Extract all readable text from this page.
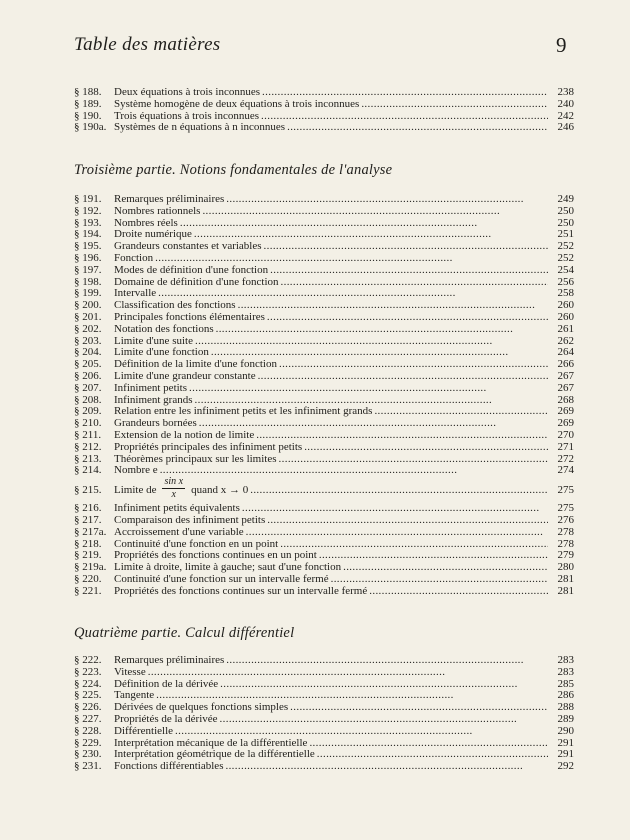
Table des matières	9
§ 188.	Deux équations à trois inconnues . . .	238
§ 189.	Système homogène de deux équations à trois inconnues . . .	240
§ 190.	Trois équations à trois inconnues . . .	242
§ 190a. Systèmes de n équations à n inconnues . . .	246
Troisième partie. Notions fondamentales de l'analyse
§ 191.	Remarques préliminaires . . .	249
§ 192.	Nombres rationnels . . .	250
§ 193.	Nombres réels . . .	250
§ 194.	Droite numérique . . .	251
§ 195.	Grandeurs constantes et variables . . .	252
§ 196.	Fonction . . .	252
§ 197.	Modes de définition d'une fonction . . .	254
§ 198.	Domaine de définition d'une fonction . . .	256
§ 199.	Intervalle . . .	258
§ 200.	Classification des fonctions . . .	260
§ 201.	Principales fonctions élémentaires . . .	260
§ 202.	Notation des fonctions . . .	261
§ 203.	Limite d'une suite . . .	262
§ 204.	Limite d'une fonction . . .	264
§ 205.	Définition de la limite d'une fonction . . .	266
§ 206.	Limite d'une grandeur constante . . .	267
§ 207.	Infiniment petits . . .	267
§ 208.	Infiniment grands . . .	268
§ 209.	Relation entre les infiniment petits et les infiniment grands . . .	269
§ 210.	Grandeurs bornées . . .	269
§ 211.	Extension de la notion de limite . . .	270
§ 212.	Propriétés principales des infiniment petits . . .	271
§ 213.	Théorèmes principaux sur les limites . . .	272
§ 214.	Nombre e . . .	274
§ 215.	Limite de $\frac{\text{sin x}}{x}$ quand x → 0 . . .	275
§ 216.	Infiniment petits équivalents . . .	275
§ 217.	Comparaison des infiniment petits . . .	276
§ 217a. Accroissement d'une variable . . .	278
§ 218.	Continuité d'une fonction en un point . . .	278
§ 219.	Propriétés des fonctions continues en un point . . .	279
§ 219a. Limite à droite, limite à gauche; saut d'une fonction . . .	280
§ 220.	Continuité d'une fonction sur un intervalle fermé . . .	281
§ 221.	Propriétés des fonctions continues sur un intervalle fermé . . .	281
Quatrième partie. Calcul différentiel
§ 222.	Remarques préliminaires . . .	283
§ 223.	Vitesse . . .	283
§ 224.	Définition de la dérivée . . .	285
§ 225.	Tangente . . .	286
§ 226.	Dérivées de quelques fonctions simples . . .	288
§ 227.	Propriétés de la dérivée . . .	289
§ 228.	Différentielle . . .	290
§ 229.	Interprétation mécanique de la différentielle . . .	291
§ 230.	Interprétation géométrique de la différentielle . . .	291
§ 231.	Fonctions différentiables . . .	292
